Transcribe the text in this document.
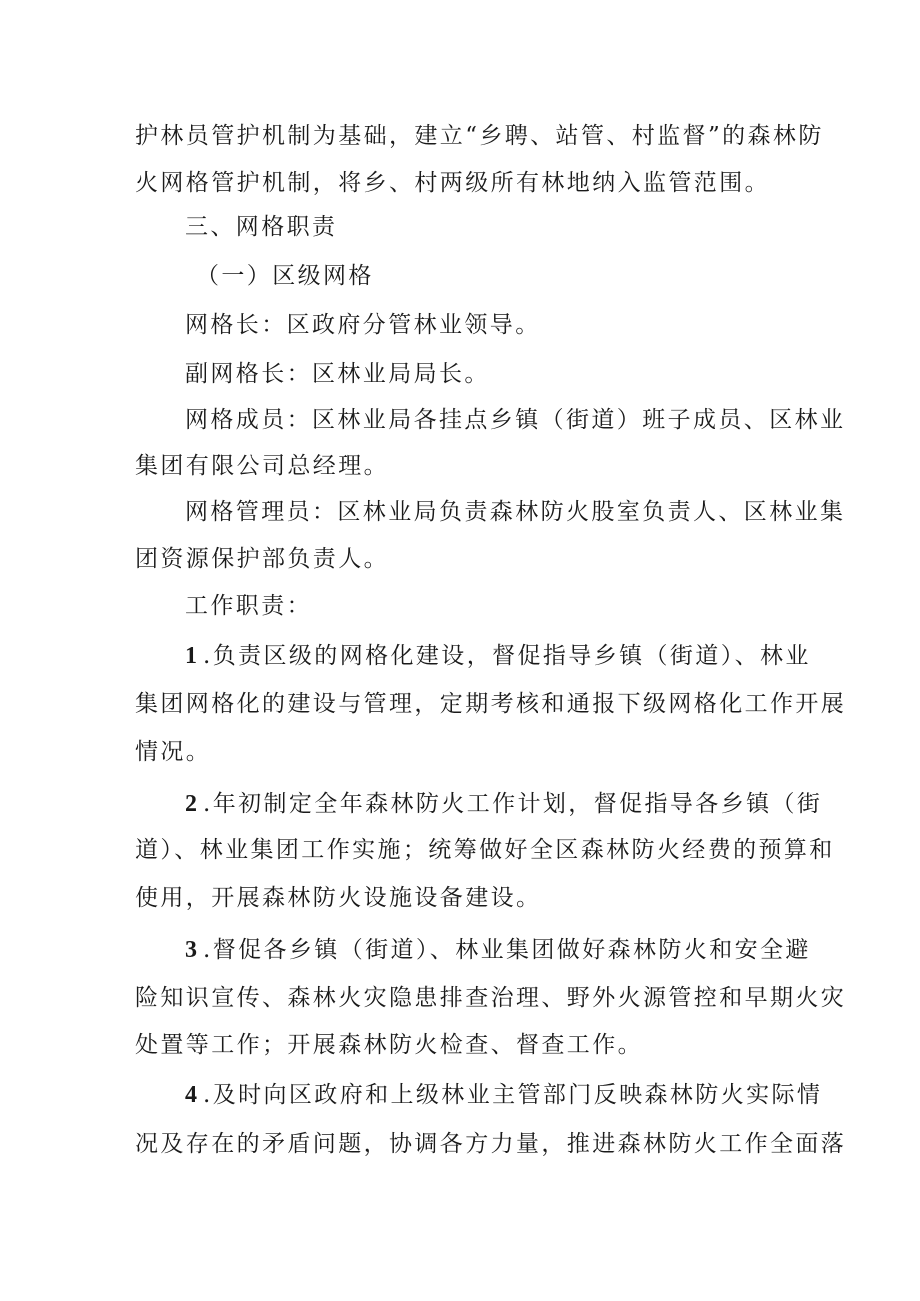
护林员管护机制为基础，建立“乡聘、站管、村监督”的森林防
火网格管护机制，将乡、村两级所有林地纳入监管范围。
三、网格职责
（一）区级网格
网格长：区政府分管林业领导。
副网格长：区林业局局长。
网格成员：区林业局各挂点乡镇（街道）班子成员、区林业
集团有限公司总经理。
网格管理员：区林业局负责森林防火股室负责人、区林业集
团资源保护部负责人。
工作职责：
1 .负责区级的网格化建设，督促指导乡镇（街道）、林业
集团网格化的建设与管理，定期考核和通报下级网格化工作开展
情况。
2 .年初制定全年森林防火工作计划，督促指导各乡镇（街
道）、林业集团工作实施；统筹做好全区森林防火经费的预算和
使用，开展森林防火设施设备建设。
3 .督促各乡镇（街道）、林业集团做好森林防火和安全避
险知识宣传、森林火灾隐患排查治理、野外火源管控和早期火灾
处置等工作；开展森林防火检查、督查工作。
4 .及时向区政府和上级林业主管部门反映森林防火实际情
况及存在的矛盾问题，协调各方力量，推进森林防火工作全面落
